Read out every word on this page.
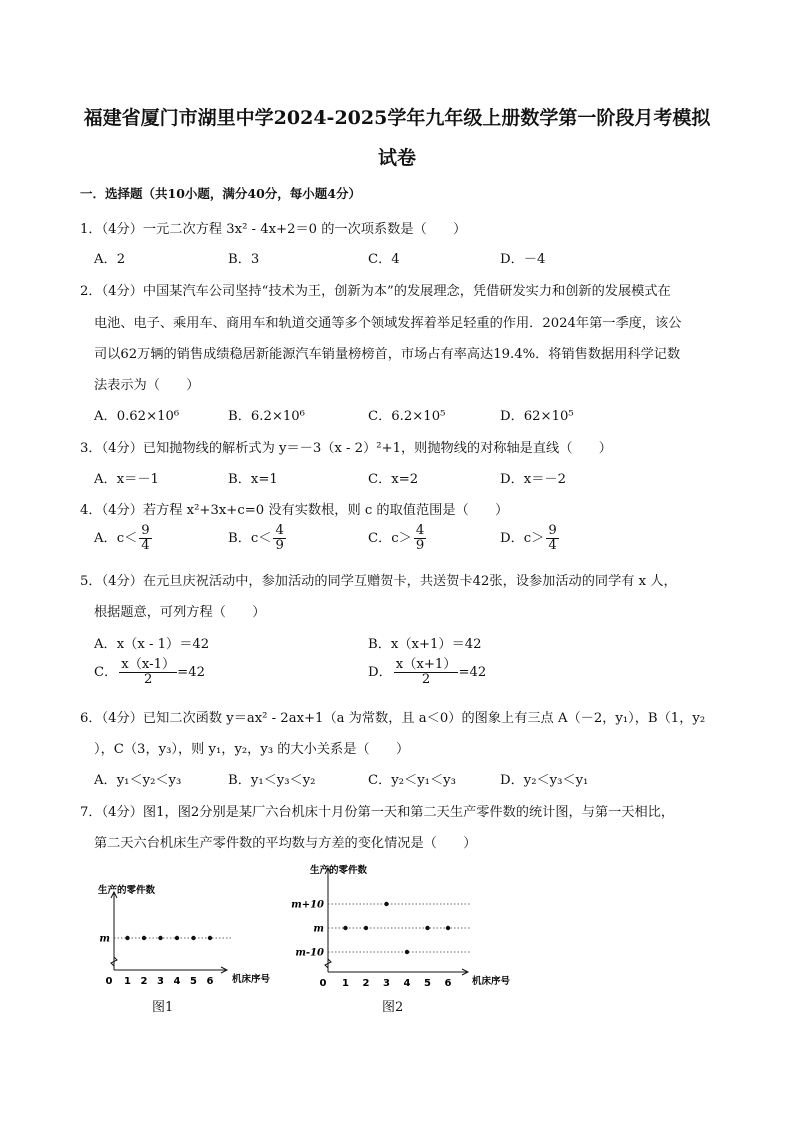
福建省厦门市湖里中学2024-2025学年九年级上册数学第一阶段月考模拟
试卷
一．选择题（共10小题，满分40分，每小题4分）
1．（4分）一元二次方程 3x² - 4x+2＝0 的一次项系数是（　　）
A．2	B．3	C．4	D．－4
2．（4分）中国某汽车公司坚持“技术为王，创新为本”的发展理念，凭借研发实力和创新的发展模式在
电池、电子、乘用车、商用车和轨道交通等多个领域发挥着举足轻重的作用．2024年第一季度，该公
司以62万辆的销售成绩稳居新能源汽车销量榜榜首，市场占有率高达19.4%．将销售数据用科学记数
法表示为（　　）
A．0.62×10⁶	B．6.2×10⁶	C．6.2×10⁵	D．62×10⁵
3．（4分）已知抛物线的解析式为 y＝－3（x - 2）²+1，则抛物线的对称轴是直线（　　）
A．x＝－1	B．x=1	C．x=2	D．x＝－2
4．（4分）若方程 x²+3x+c=0 没有实数根，则 c 的取值范围是（　　）
A．$c< \frac{9}{4}$	B．$c< \frac{4}{9}$	C．$c> \frac{4}{9}$	D．$c> \frac{9}{4}$
5．（4分）在元旦庆祝活动中，参加活动的同学互赠贺卡，共送贺卡42张，设参加活动的同学有 x 人，
根据题意，可列方程（　　）
A．x（x - 1）＝42	B．x（x+1）＝42
C． $\frac{x(x-1)}{2} =42$	D． $\frac{x(x+1)}{2} =42$
6．（4分）已知二次函数 y＝ax² - 2ax+1（a 为常数，且 a＜0）的图象上有三点 A（－2，y₁），B（1，y₂
），C（3，y₃），则 y₁，y₂，y₃ 的大小关系是（　　）
A．y₁＜y₂＜y₃	B．y₁＜y₃＜y₂	C．y₂＜y₁＜y₃	D．y₂＜y₃＜y₁
7．（4分）图1，图2分别是某厂六台机床十月份第一天和第二天生产零件数的统计图，与第一天相比，
第二天六台机床生产零件数的平均数与方差的变化情况是（　　）
生产的零件数
0 1 2 3 4 5 6 机床序号
m
图1
生产的零件数
0 1 2 3 4 5 6 机床序号
m+10
m
m-10
图2
